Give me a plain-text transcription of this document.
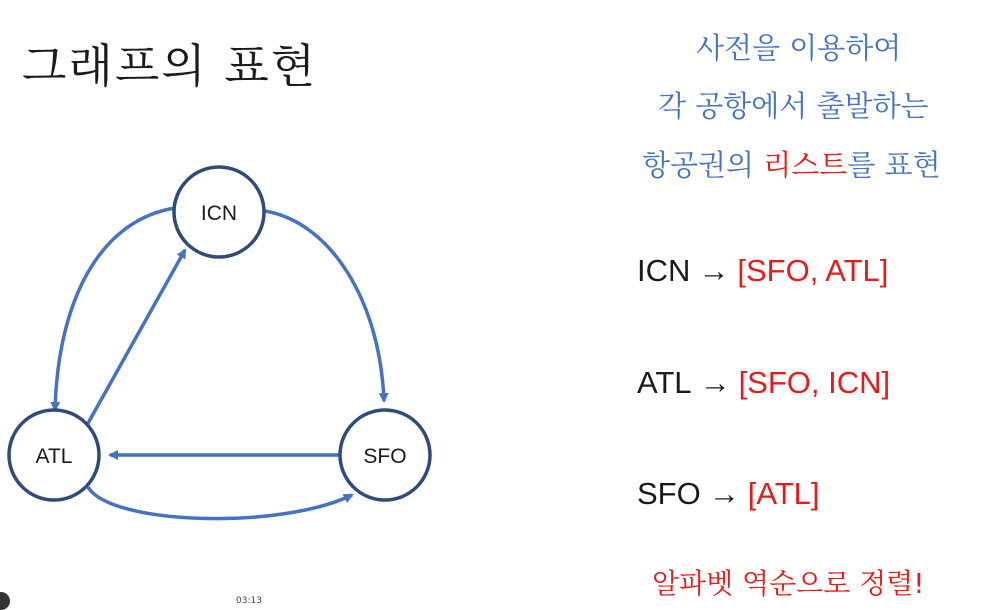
그래프의 표현	사전을 이용하여
각 공항에서 출발하는
항공권의 리스트를 표현
ICN → [SFO, ATL]
ATL → [SFO, ICN]
SFO → [ATL]
알파벳 역순으로 정렬!
ICN
ATL	SFO
03:13
